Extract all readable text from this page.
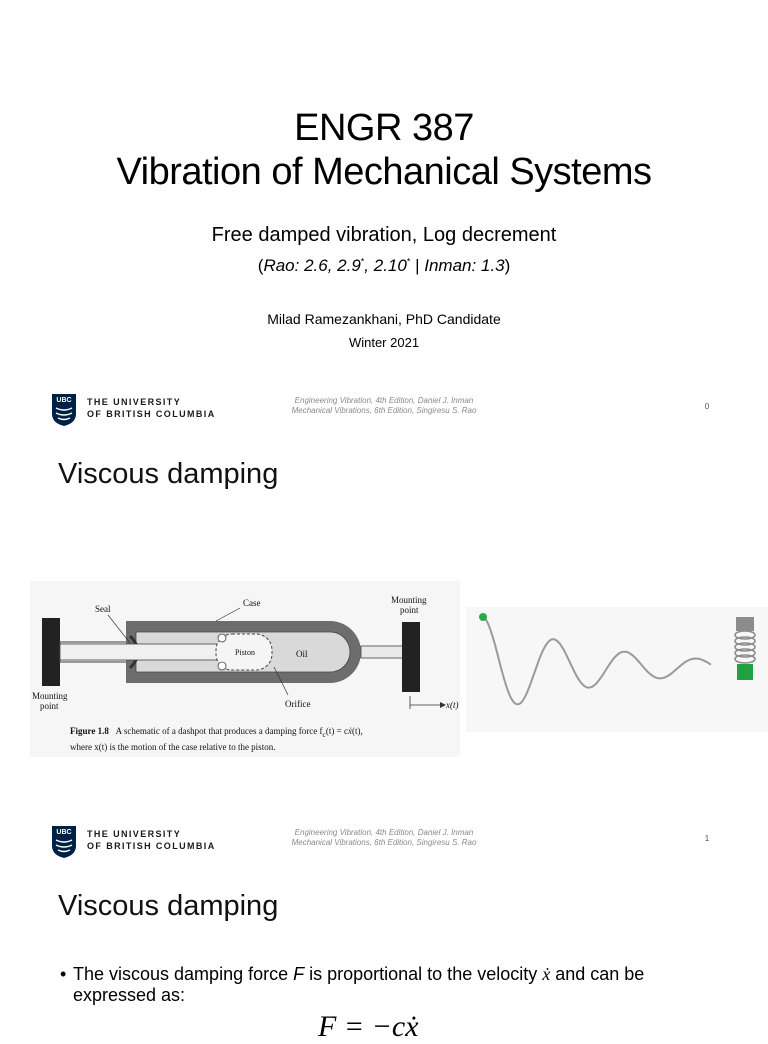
ENGR 387
Vibration of Mechanical Systems
Free damped vibration, Log decrement
(Rao: 2.6, 2.9*, 2.10* | Inman: 1.3)
Milad Ramezankhani, PhD Candidate
Winter 2021
UBC THE UNIVERSITY
OF BRITISH COLUMBIA
Engineering Vibration, 4th Edition, Daniel J. Inman
Mechanical Vibrations, 6th Edition, Singiresu S. Rao	0
Viscous damping
Seal
Case	Mounting
point
Piston	Oil
Mounting
point	Orifice	x(t)
Figure 1.8 A schematic of a dashpot that produces a damping force $f_c(t)$ = cẋ(t),
where x(t) is the motion of the case relative to the piston.
UBC THE UNIVERSITY
OF BRITISH COLUMBIA
Engineering Vibration, 4th Edition, Daniel J. Inman
Mechanical Vibrations, 6th Edition, Singiresu S. Rao	1
Viscous damping
• The viscous damping force F is proportional to the velocity ẋ and can be expressed as:
F = −cẋ
